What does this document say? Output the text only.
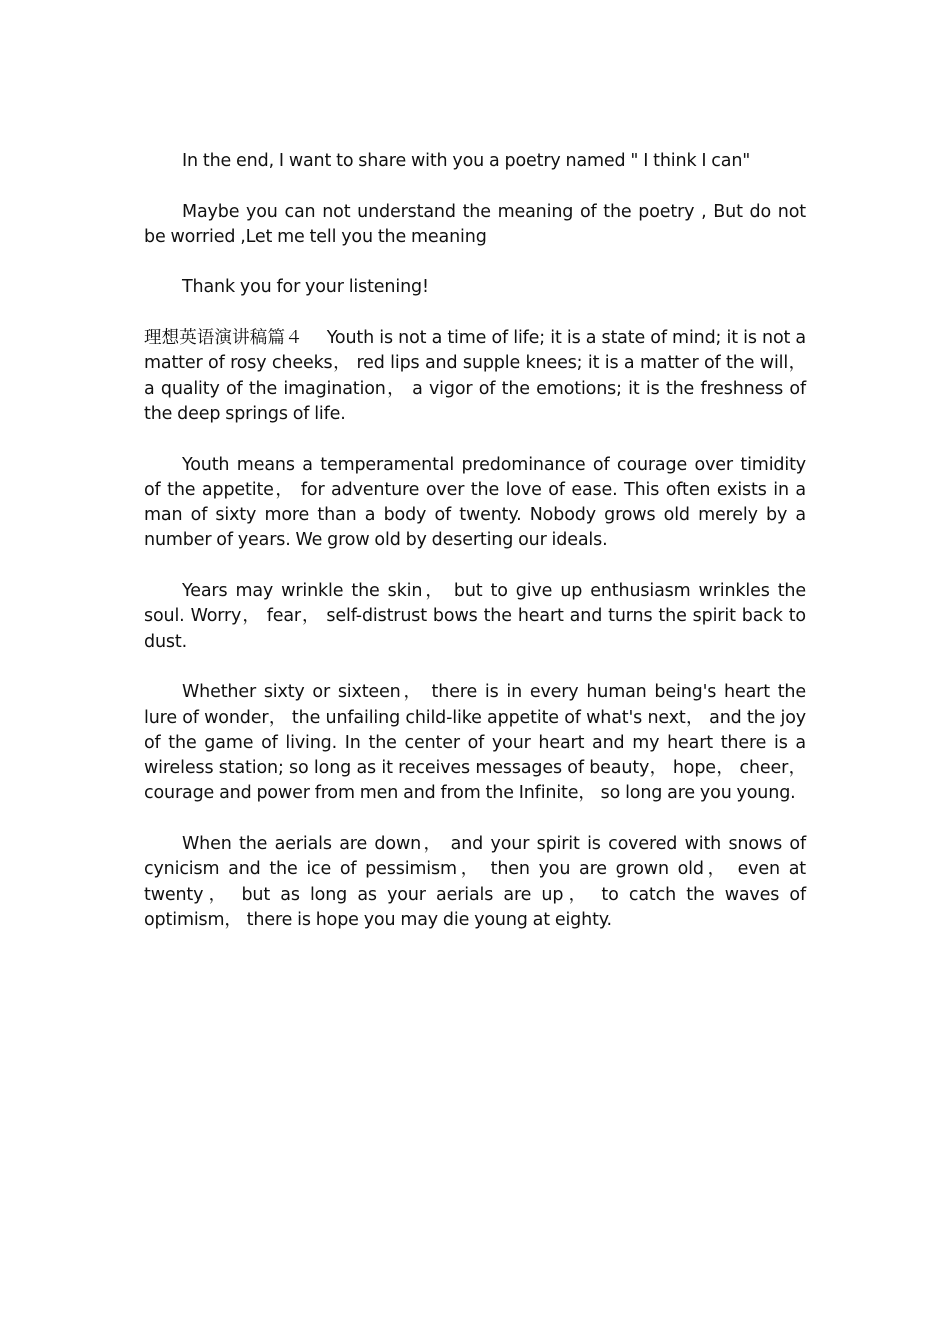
In the end, I want to share with you a poetry named " I think I can"

Maybe you can not understand the meaning of the poetry , But do not be worried ,Let me tell you the meaning

Thank you for your listening!

理想英语演讲稿篇４ Youth is not a time of life; it is a state of mind; it is not a matter of rosy cheeks， red lips and supple knees; it is a matter of the will， a quality of the imagination， a vigor of the emotions; it is the freshness of the deep springs of life.

Youth means a temperamental predominance of courage over timidity of the appetite， for adventure over the love of ease. This often exists in a man of sixty more than a body of twenty. Nobody grows old merely by a number of years. We grow old by deserting our ideals.

Years may wrinkle the skin， but to give up enthusiasm wrinkles the soul. Worry， fear， self-distrust bows the heart and turns the spirit back to dust.

Whether sixty or sixteen， there is in every human being's heart the lure of wonder， the unfailing child-like appetite of what's next， and the joy of the game of living. In the center of your heart and my heart there is a wireless station; so long as it receives messages of beauty， hope， cheer， courage and power from men and from the Infinite， so long are you young.

When the aerials are down， and your spirit is covered with snows of cynicism and the ice of pessimism， then you are grown old， even at twenty， but as long as your aerials are up， to catch the waves of optimism， there is hope you may die young at eighty.
